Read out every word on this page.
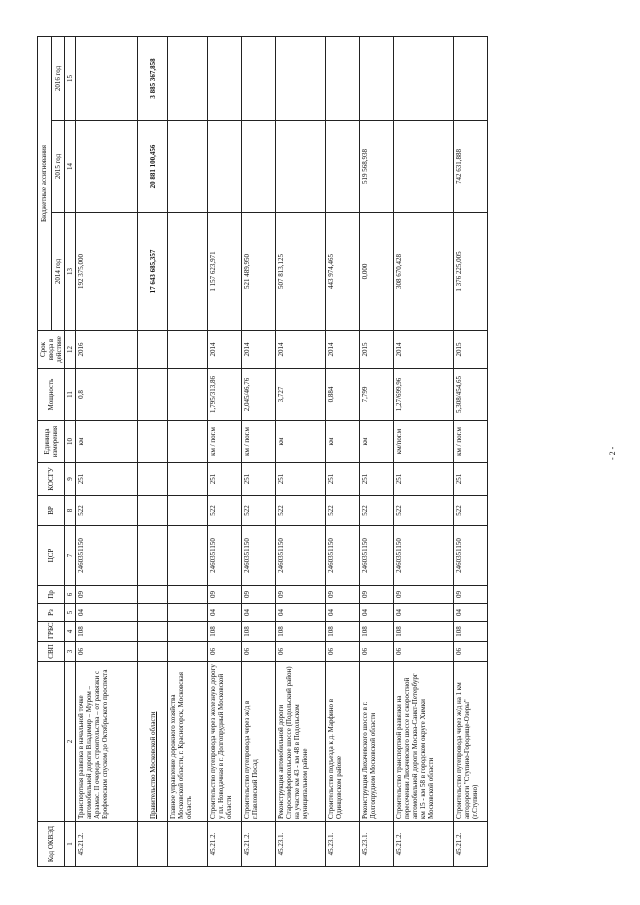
Код ОКВЭД		СВП	ГРБС	Рз	Пр	ЦСР	ВР	КОСГУ	Единица измерения	Мощность	Срок ввода в действие	Бюджетные ассигнования		
												2014 год	2015 год	2016 год
1	2	3	4	5	6	7	8	9	10	11	12	13	14	15
45.21.2.	Транспортная развязка в начальной точке автомобильной дороги Владимир – Муром – Арзамас. II очередь строительства – от развязки с Ерофеевским спуском до Октябрьского проспекта	06	108	04	09	2460351150	522	251	км	0,8	2016	192 375,000		
	Правительство Московской области											17 643 685,357	20 881 100,456	3 885 367,858
	Главное управление дорожного хозяйства Московской области, г. Красногорск, Московская область													
45.21.2.	Строительство путепровода через железную дорогу у пл. Новодачная в г. Долгопрудный Московской области	06	108	04	09	2460351150	522	251	км / пог.м	1,795/313,86	2014	1 157 623,971		
45.21.2.	Строительство путепровода через ж/д в г.Павловский Посад	06	108	04	09	2460351150	522	251	км / пог.м	2,045/46,76	2014	521 489,950		
45.23.1.	Реконструкция автомобильной дороги Старосимферопольское шоссе (Подольский район) на участке км 43 - км 48 в Подольском муниципальном районе	06	108	04	09	2460351150	522	251	км	3,727	2014	507 813,125		
45.23.1.	Строительство подъезда к д. Марфино в Одинцовском районе	06	108	04	09	2460351150	522	251	км	0,884	2014	443 974,465		
45.23.1.	Реконструкция Лихачевского шоссе в г. Долгопрудном Московской области	06	108	04	09	2460351150	522	251	км	7,799	2015	0,000	519 568,938	
45.21.2.	Строительство транспортной развязки на пересечении Лихачевского шоссе и скоростной автомобильной дороги Москва-Санкт-Петербург км 15 - км 58 в городском округе Химки Московской области	06	108	04	09	2460351150	522	251	км/пог.м	1,27/699,96	2014	308 670,428		
45.21.2.	Строительство путепровода через ж/д на 1 км автодороги "Ступино-Городище-Озеры" (г.Ступино)	06	108	04	09	2460351150	522	251	км / пог.м	5,308/454,65	2015	1 376 225,005	742 631,888	
- 2 -
